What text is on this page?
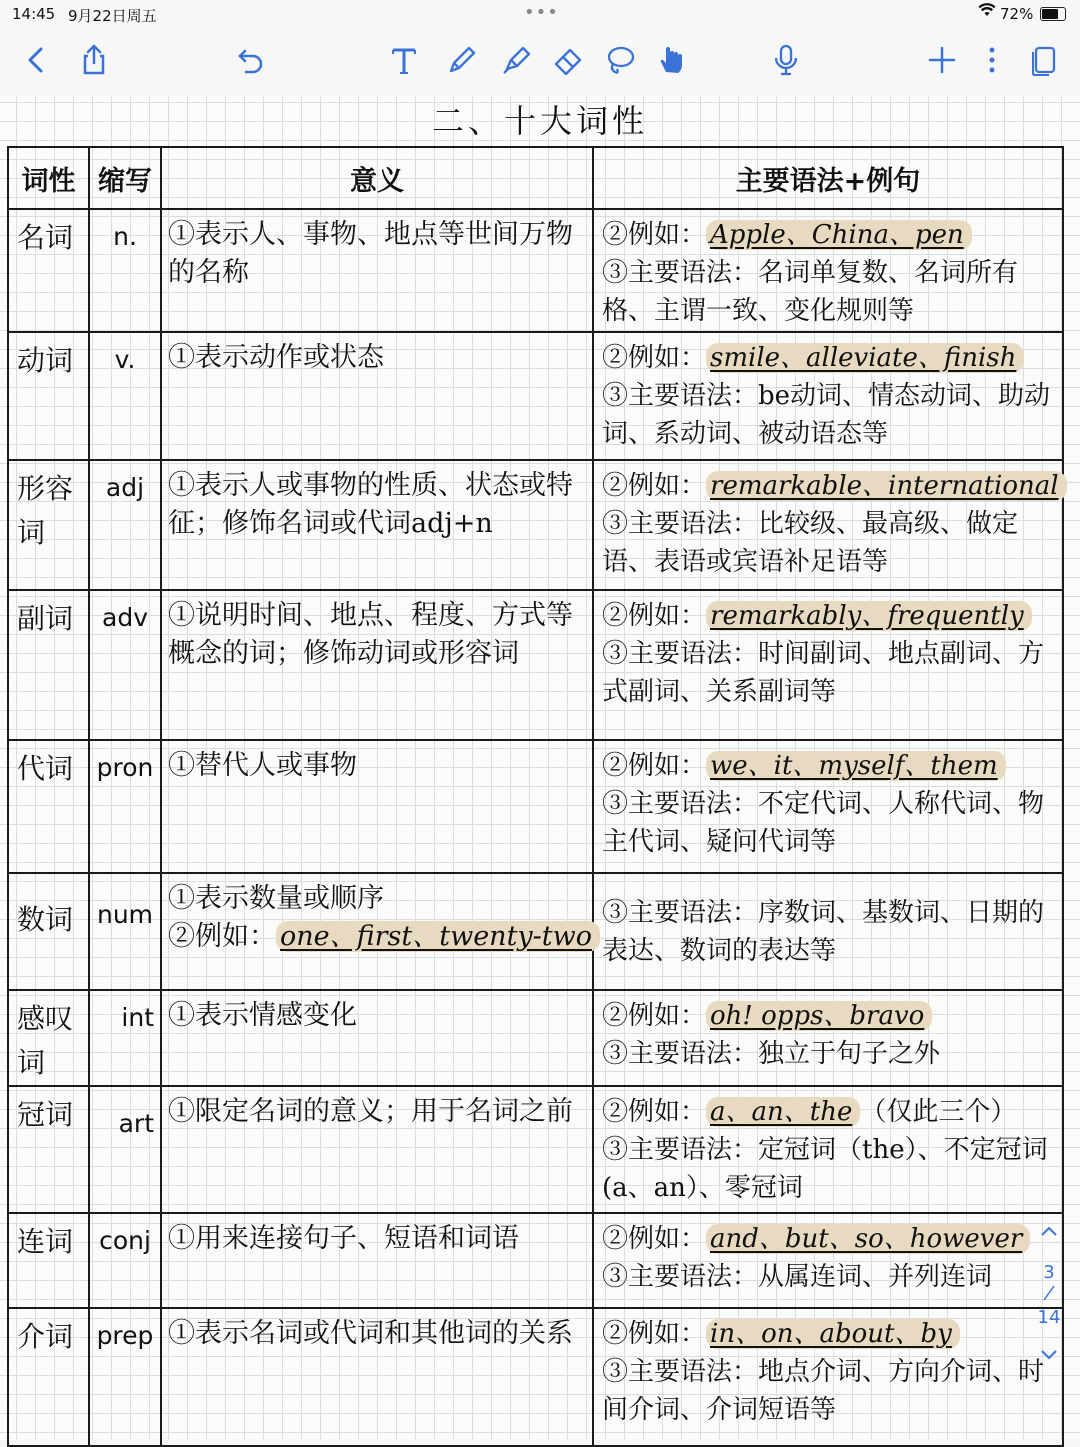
14:45 9月22日周五	•••	72%
二、十大词性
词性	缩写	意义	主要语法+例句
名词	n.	①表示人、事物、地点等世间万物的名称	②例如： Apple、China、pen
③主要语法：名词单复数、名词所有格、主谓一致、变化规则等

动词	v.	①表示动作或状态	②例如： smile、alleviate、finish
③主要语法：be动词、情态动词、助动词、系动词、被动语态等

形容词	adj	①表示人或事物的性质、状态或特征；修饰名词或代词adj+n	②例如： remarkable、international
③主要语法：比较级、最高级、做定语、表语或宾语补足语等

副词	adv	①说明时间、地点、程度、方式等概念的词；修饰动词或形容词	②例如： remarkably、frequently
③主要语法：时间副词、地点副词、方式副词、关系副词等

代词	pron	①替代人或事物	②例如： we、it、myself、them
③主要语法：不定代词、人称代词、物主代词、疑问代词等

数词	num	①表示数量或顺序
②例如： one、first、twenty-two	③主要语法：序数词、基数词、日期的表达、数词的表达等

感叹词	int	①表示情感变化	②例如： oh! opps、bravo
③主要语法：独立于句子之外

冠词	art	①限定名词的意义；用于名词之前	②例如： a、an、the （仅此三个）
③主要语法：定冠词（the）、不定冠词(a、an）、零冠词

连词	conj	①用来连接句子、短语和词语	②例如： and、but、so、however
③主要语法：从属连词、并列连词

介词	prep	①表示名词或代词和其他词的关系	②例如： in、on、about、by
③主要语法：地点介词、方向介词、时间介词、介词短语等
3
14
